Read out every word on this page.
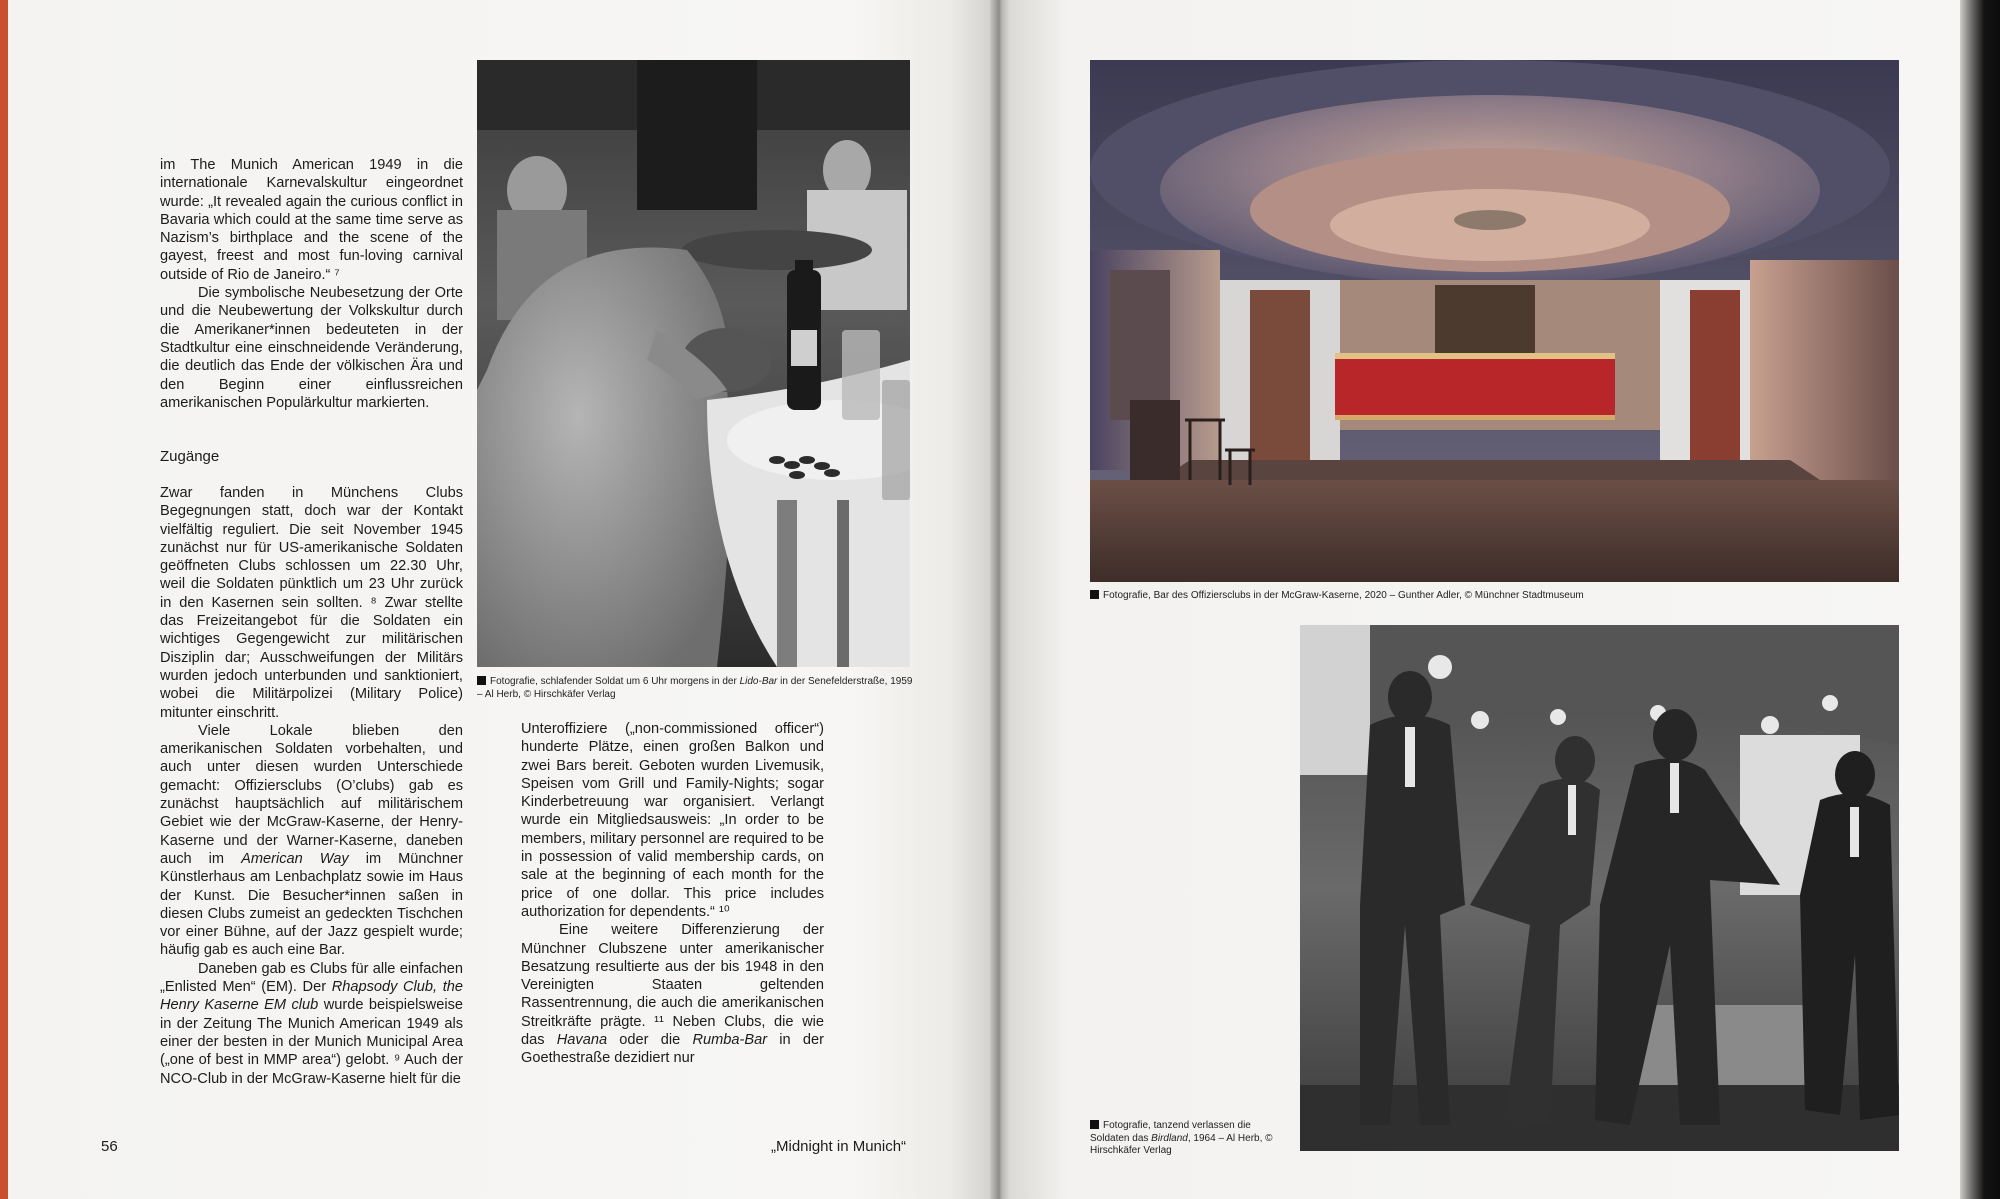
im The Munich American 1949 in die internationale Karnevalskultur eingeordnet wurde: „It revealed again the curious conflict in Bavaria which could at the same time serve as Nazism’s birthplace and the scene of the gayest, freest and most fun-loving carnival outside of Rio de Janeiro.“ ⁷

Die symbolische Neubesetzung der Orte und die Neubewertung der Volkskultur durch die Amerikaner*innen bedeuteten in der Stadtkultur eine einschneidende Veränderung, die deutlich das Ende der völkischen Ära und den Beginn einer einflussreichen amerikanischen Populärkultur markierten.

Zugänge

Zwar fanden in Münchens Clubs Begegnungen statt, doch war der Kontakt vielfältig reguliert. Die seit November 1945 zunächst nur für US-amerikanische Soldaten geöffneten Clubs schlossen um 22.30 Uhr, weil die Soldaten pünktlich um 23 Uhr zurück in den Kasernen sein sollten. ⁸ Zwar stellte das Freizeitangebot für die Soldaten ein wichtiges Gegengewicht zur militärischen Disziplin dar; Ausschweifungen der Militärs wurden jedoch unterbunden und sanktioniert, wobei die Militärpolizei (Military Police) mitunter einschritt.

Viele Lokale blieben den amerikanischen Soldaten vorbehalten, und auch unter diesen wurden Unterschiede gemacht: Offiziersclubs (O’clubs) gab es zunächst hauptsächlich auf militärischem Gebiet wie der McGraw-Kaserne, der Henry-Kaserne und der Warner-Kaserne, daneben auch im American Way im Münchner Künstlerhaus am Lenbachplatz sowie im Haus der Kunst. Die Besucher*innen saßen in diesen Clubs zumeist an gedeckten Tischchen vor einer Bühne, auf der Jazz gespielt wurde; häufig gab es auch eine Bar.

Daneben gab es Clubs für alle einfachen „Enlisted Men“ (EM). Der Rhapsody Club, the Henry Kaserne EM club wurde beispielsweise in der Zeitung The Munich American 1949 als einer der besten in der Munich Municipal Area („one of best in MMP area“) gelobt. ⁹ Auch der NCO-Club in der McGraw-Kaserne hielt für die

Fotografie, schlafender Soldat um 6 Uhr morgens in der Lido-Bar in der Senefelderstraße, 1959 – Al Herb, © Hirschkäfer Verlag

Unteroffiziere („non-commissioned officer“) hunderte Plätze, einen großen Balkon und zwei Bars bereit. Geboten wurden Livemusik, Speisen vom Grill und Family-Nights; sogar Kinderbetreuung war organisiert. Verlangt wurde ein Mitgliedsausweis: „In order to be members, military personnel are required to be in possession of valid membership cards, on sale at the beginning of each month for the price of one dollar. This price includes authorization for dependents.“ ¹⁰

Eine weitere Differenzierung der Münchner Clubszene unter amerikanischer Besatzung resultierte aus der bis 1948 in den Vereinigten Staaten geltenden Rassentrennung, die auch die amerikanischen Streitkräfte prägte. ¹¹ Neben Clubs, die wie das Havana oder die Rumba-Bar in der Goethestraße dezidiert nur

56	„Midnight in Munich“
Fotografie, Bar des Offiziersclubs in der McGraw-Kaserne, 2020 – Gunther Adler, © Münchner Stadtmuseum
Fotografie, tanzend verlassen die Soldaten das Birdland, 1964 – Al Herb, © Hirschkäfer Verlag
